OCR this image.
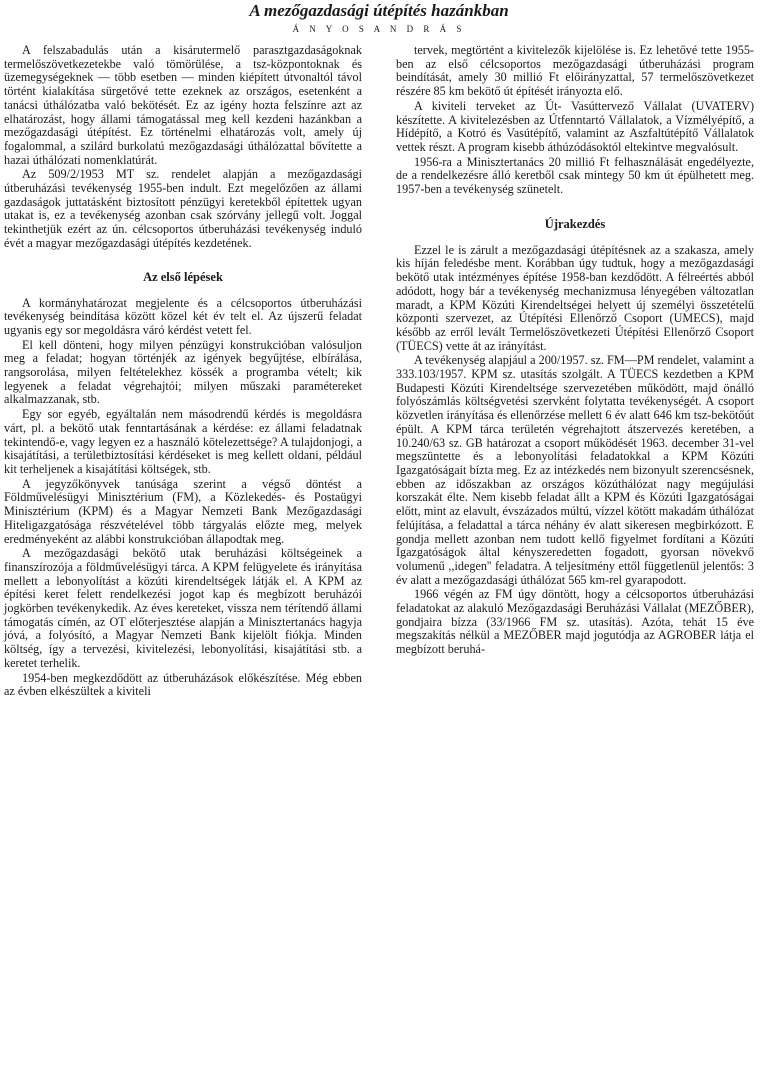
A mezőgazdasági útépítés hazánkban
Á N Y O S A N D R Á S

A felszabadulás után a kisárutermelő parasztgazdaságoknak termelőszövetkezetekbe való tömörülése, a tsz-központoknak és üzemegységeknek — több esetben — minden kiépített útvonaltól távol történt kialakítása sürgetővé tette ezeknek az országos, esetenként a tanácsi úthálózatba való bekötését. Ez az igény hozta felszínre azt az elhatározást, hogy állami támogatással meg kell kezdeni hazánkban a mezőgazdasági útépítést. Ez történelmi elhatározás volt, amely új fogalommal, a szilárd burkolatú mezőgazdasági úthálózattal bővítette a hazai úthálózati nomenklatúrát.

Az 509/2/1953 MT sz. rendelet alapján a mezőgazdasági útberuházási tevékenység 1955-ben indult. Ezt megelőzően az állami gazdaságok juttatásként biztosított pénzügyi keretekből építettek ugyan utakat is, ez a tevékenység azonban csak szórvány jellegű volt. Joggal tekinthetjük ezért az ún. célcsoportos útberuházási tevékenység induló évét a magyar mezőgazdasági útépítés kezdetének.

Az első lépések

A kormányhatározat megjelente és a célcsoportos útberuházási tevékenység beindítása között közel két év telt el. Az újszerű feladat ugyanis egy sor megoldásra váró kérdést vetett fel.

El kell dönteni, hogy milyen pénzügyi konstrukcióban valósuljon meg a feladat; hogyan történjék az igények begyűjtése, elbírálása, rangsorolása, milyen feltételekhez kössék a programba vételt; kik legyenek a feladat végrehajtói; milyen műszaki paramétereket alkalmazzanak, stb.

Egy sor egyéb, egyáltalán nem másodrendű kérdés is megoldásra várt, pl. a bekötő utak fenntartásának a kérdése: ez állami feladatnak tekintendő-e, vagy legyen ez a használó kötelezettsége? A tulajdonjogi, a kisajátítási, a területbiztosítási kérdéseket is meg kellett oldani, például kit terheljenek a kisajátítási költségek, stb.

A jegyzőkönyvek tanúsága szerint a végső döntést a Földművelésügyi Minisztérium (FM), a Közlekedés- és Postaügyi Minisztérium (KPM) és a Magyar Nemzeti Bank Mezőgazdasági Hiteligazgatósága részvételével több tárgyalás előzte meg, melyek eredményeként az alábbi konstrukcióban állapodtak meg.

A mezőgazdasági bekötő utak beruházási költségeinek a finanszírozója a földművelésügyi tárca. A KPM felügyelete és irányítása mellett a lebonyolítást a közúti kirendeltségek látják el. A KPM az építési keret felett rendelkezési jogot kap és megbízott beruházói jogkörben tevékenykedik. Az éves kereteket, vissza nem térítendő állami támogatás címén, az OT előterjesztése alapján a Minisztertanács hagyja jóvá, a folyósító, a Magyar Nemzeti Bank kijelölt fiókja. Minden költség, így a tervezési, kivitelezési, lebonyolítási, kisajátítási stb. a keretet terhelik.

1954-ben megkezdődött az útberuházások előkészítése. Még ebben az évben elkészültek a kiviteli

tervek, megtörtént a kivitelezők kijelölése is. Ez lehetővé tette 1955-ben az első célcsoportos mezőgazdasági útberuházási program beindítását, amely 30 millió Ft előirányzattal, 57 termelőszövetkezet részére 85 km bekötő út építését irányozta elő.

A kiviteli terveket az Út- Vasúttervező Vállalat (UVATERV) készítette. A kivitelezésben az Útfenntartó Vállalatok, a Vízmélyépítő, a Hídépítő, a Kotró és Vasútépítő, valamint az Aszfaltútépítő Vállalatok vettek részt. A program kisebb áthúzódásoktól eltekintve megvalósult.

1956-ra a Minisztertanács 20 millió Ft felhasználását engedélyezte, de a rendelkezésre álló keretből csak mintegy 50 km út épülhetett meg. 1957-ben a tevékenység szünetelt.

Újrakezdés

Ezzel le is zárult a mezőgazdasági útépítésnek az a szakasza, amely kis híján feledésbe ment. Korábban úgy tudtuk, hogy a mezőgazdasági bekötő utak intézményes építése 1958-ban kezdődött. A félreértés abból adódott, hogy bár a tevékenység mechanizmusa lényegében változatlan maradt, a KPM Közúti Kirendeltségei helyett új személyi összetételű központi szervezet, az Útépítési Ellenőrző Csoport (UMECS), majd később az erről levált Termelőszövetkezeti Útépítési Ellenőrző Csoport (TÜECS) vette át az irányítást.

A tevékenység alapjául a 200/1957. sz. FM—PM rendelet, valamint a 333.103/1957. KPM sz. utasítás szolgált. A TÜECS kezdetben a KPM Budapesti Közúti Kirendeltsége szervezetében működött, majd önálló folyószámlás költségvetési szervként folytatta tevékenységét. A csoport közvetlen irányítása és ellenőrzése mellett 6 év alatt 646 km tsz-bekötőút épült. A KPM tárca területén végrehajtott átszervezés keretében, a 10.240/63 sz. GB határozat a csoport működését 1963. december 31-vel megszüntette és a lebonyolítási feladatokkal a KPM Közúti Igazgatóságait bízta meg. Ez az intézkedés nem bizonyult szerencsésnek, ebben az időszakban az országos közúthálózat nagy megújulási korszakát élte. Nem kisebb feladat állt a KPM és Közúti Igazgatóságai előtt, mint az elavult, évszázados múltú, vízzel kötött makadám úthálózat felújítása, a feladattal a tárca néhány év alatt sikeresen megbirkózott. E gondja mellett azonban nem tudott kellő figyelmet fordítani a Közúti Igazgatóságok által kényszeredetten fogadott, gyorsan növekvő volumenű ,,idegen'' feladatra. A teljesítmény ettől függetlenül jelentős: 3 év alatt a mezőgazdasági úthálózat 565 km-rel gyarapodott.

1966 végén az FM úgy döntött, hogy a célcsoportos útberuházási feladatokat az alakuló Mezőgazdasági Beruházási Vállalat (MEZŐBER), gondjaira bízza (33/1966 FM sz. utasítás). Azóta, tehát 15 éve megszakítás nélkül a MEZŐBER majd jogutódja az AGROBER látja el megbízott beruhá-
